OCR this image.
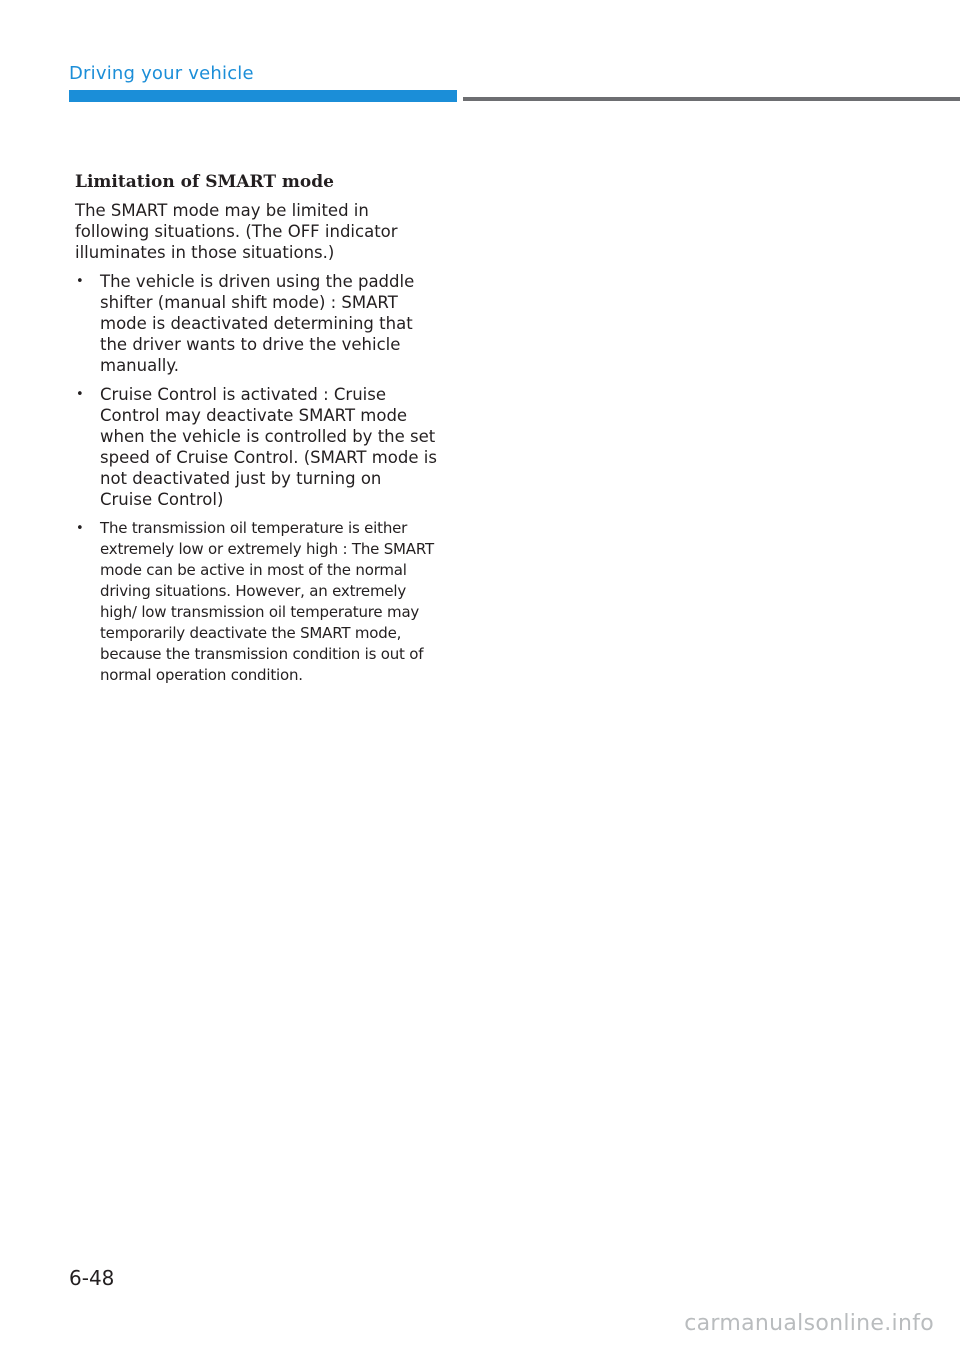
Driving your vehicle
Limitation of SMART mode

The SMART mode may be limited in following situations. (The OFF indicator illuminates in those situations.)

• The vehicle is driven using the paddle shifter (manual shift mode) : SMART mode is deactivated determining that the driver wants to drive the vehicle manually.
• Cruise Control is activated : Cruise Control may deactivate SMART mode when the vehicle is controlled by the set speed of Cruise Control. (SMART mode is not deactivated just by turning on Cruise Control)
• The transmission oil temperature is either extremely low or extremely high : The SMART mode can be active in most of the normal driving situations. However, an extremely high/ low transmission oil temperature may temporarily deactivate the SMART mode, because the transmission condition is out of normal operation condition.

6-48

carmanualsonline.info
